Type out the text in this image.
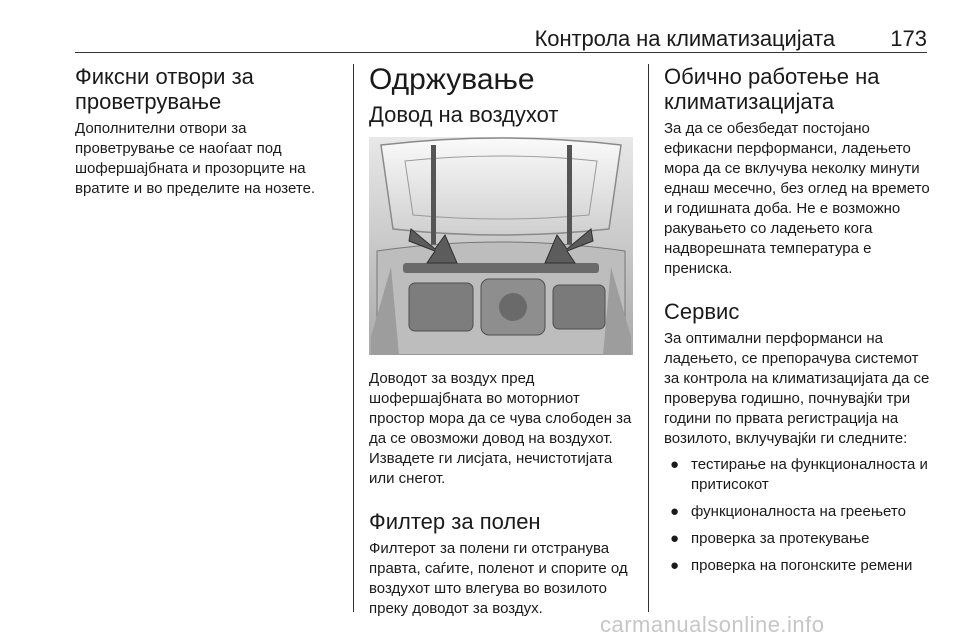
Контрола на климатизацијата	173
Фиксни отвори за проветрување

Дополнителни отвори за проветрување се наоѓаат под шофершајбната и прозорците на вратите и во пределите на нозете.

Одржување
Довод на воздухот

Доводот за воздух пред шофершајбната во моторниот простор мора да се чува слободен за да се овозможи довод на воздухот. Извадете ги лисјата, нечистотијата или снегот.

Филтер за полен

Филтерот за полени ги отстранува правта, саѓите, поленот и спорите од воздухот што влегува во возилото преку доводот за воздух.

Обично работење на климатизацијата

За да се обезбедат постојано ефикасни перформанси, ладењето мора да се вклучува неколку минути еднаш месечно, без оглед на времето и годишната доба. Не е возможно ракувањето со ладењето кога надворешната температура е прениска.

Сервис

За оптимални перформанси на ладењето, се препорачува системот за контрола на климатизацијата да се проверува годишно, почнувајќи три години по првата регистрација на возилото, вклучувајќи ги следните:

● тестирање на функционалноста и притисокот
● функционалноста на греењето
● проверка за протекување
● проверка на погонските ремени
carmanualsonline.info
